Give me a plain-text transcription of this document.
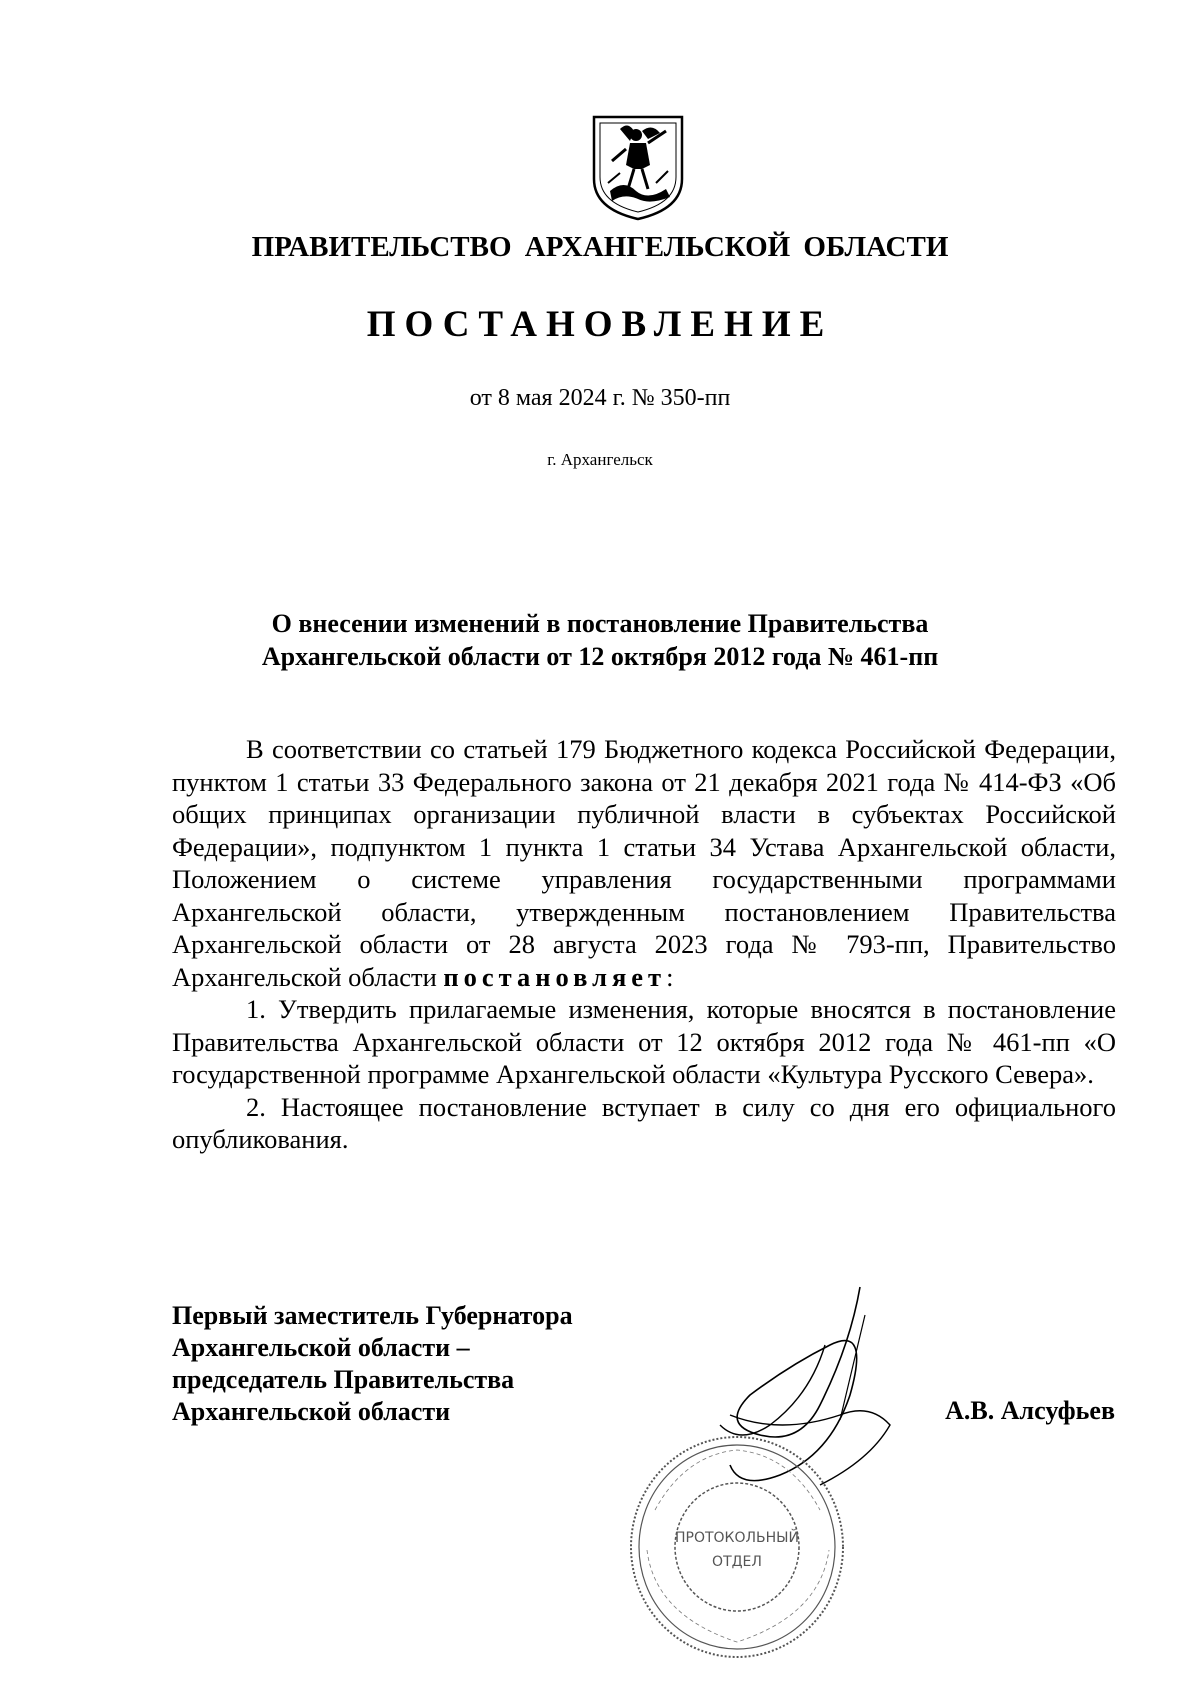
ПРАВИТЕЛЬСТВО АРХАНГЕЛЬСКОЙ ОБЛАСТИ
ПОСТАНОВЛЕНИЕ
от 8 мая 2024 г. № 350-пп
г. Архангельск
О внесении изменений в постановление Правительства
Архангельской области от 12 октября 2012 года № 461-пп

В соответствии со статьей 179 Бюджетного кодекса Российской Федерации, пунктом 1 статьи 33 Федерального закона от 21 декабря 2021 года № 414-ФЗ «Об общих принципах организации публичной власти в субъектах Российской Федерации», подпунктом 1 пункта 1 статьи 34 Устава Архангельской области, Положением о системе управления государственными программами Архангельской области, утвержденным постановлением Правительства Архангельской области от 28 августа 2023 года № 793-пп, Правительство Архангельской области постановляет:

1. Утвердить прилагаемые изменения, которые вносятся в постановление Правительства Архангельской области от 12 октября 2012 года № 461-пп «О государственной программе Архангельской области «Культура Русского Севера».

2. Настоящее постановление вступает в силу со дня его официального опубликования.

Первый заместитель Губернатора
Архангельской области –
председатель Правительства
Архангельской области	А.В. Алсуфьев
ПРОТОКОЛЬНЫЙ
ОТДЕЛ
